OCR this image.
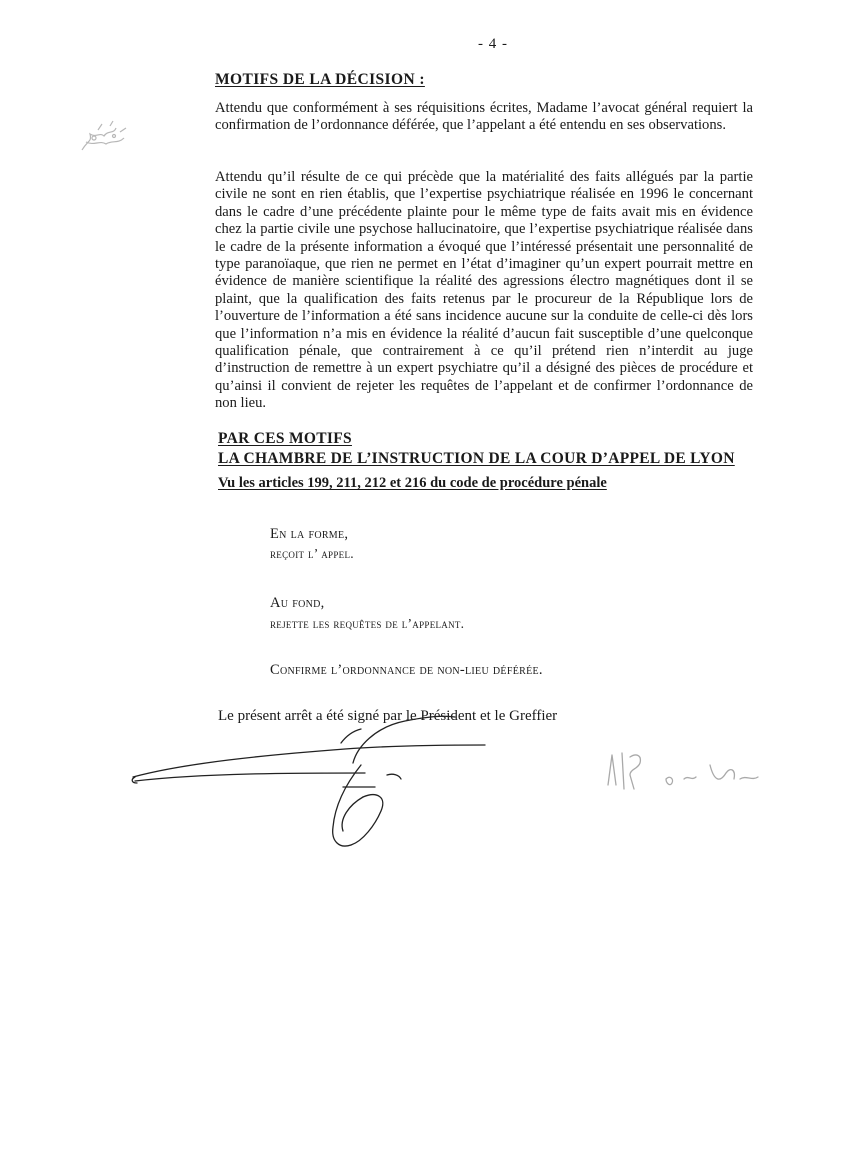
- 4 -
MOTIFS DE LA DÉCISION :

Attendu que conformément à ses réquisitions écrites, Madame l’avocat général requiert la confirmation de l’ordonnance déférée, que l’appelant a été entendu en ses observations.

Attendu qu’il résulte de ce qui précède que la matérialité des faits allégués par la partie civile ne sont en rien établis, que l’expertise psychiatrique réalisée en 1996 le concernant dans le cadre d’une précédente plainte pour le même type de faits avait mis en évidence chez la partie civile une psychose hallucinatoire, que l’expertise psychiatrique réalisée dans le cadre de la présente information a évoqué que l’intéressé présentait une personnalité de type paranoïaque, que rien ne permet en l’état d’imaginer qu’un expert pourrait mettre en évidence de manière scientifique la réalité des agressions électro magnétiques dont il se plaint, que la qualification des faits retenus par le procureur de la République lors de l’ouverture de l’information a été sans incidence aucune sur la conduite de celle-ci dès lors que l’information n’a mis en évidence la réalité d’aucun fait susceptible d’une quelconque qualification pénale, que contrairement à ce qu’il prétend rien n’interdit au juge d’instruction de remettre à un expert psychiatre qu’il a désigné des pièces de procédure et qu’ainsi il convient de rejeter les requêtes de l’appelant et de confirmer l’ordonnance de non lieu.

PAR CES MOTIFS
LA CHAMBRE DE L’INSTRUCTION DE LA COUR D’APPEL DE LYON
Vu les articles 199, 211, 212 et 216 du code de procédure pénale
En la forme,
reçoit l’ appel.
Au fond,
rejette les requêtes de l’appelant.
Confirme l’ordonnance de non-lieu déférée.
Le présent arrêt a été signé par le Président et le Greffier
